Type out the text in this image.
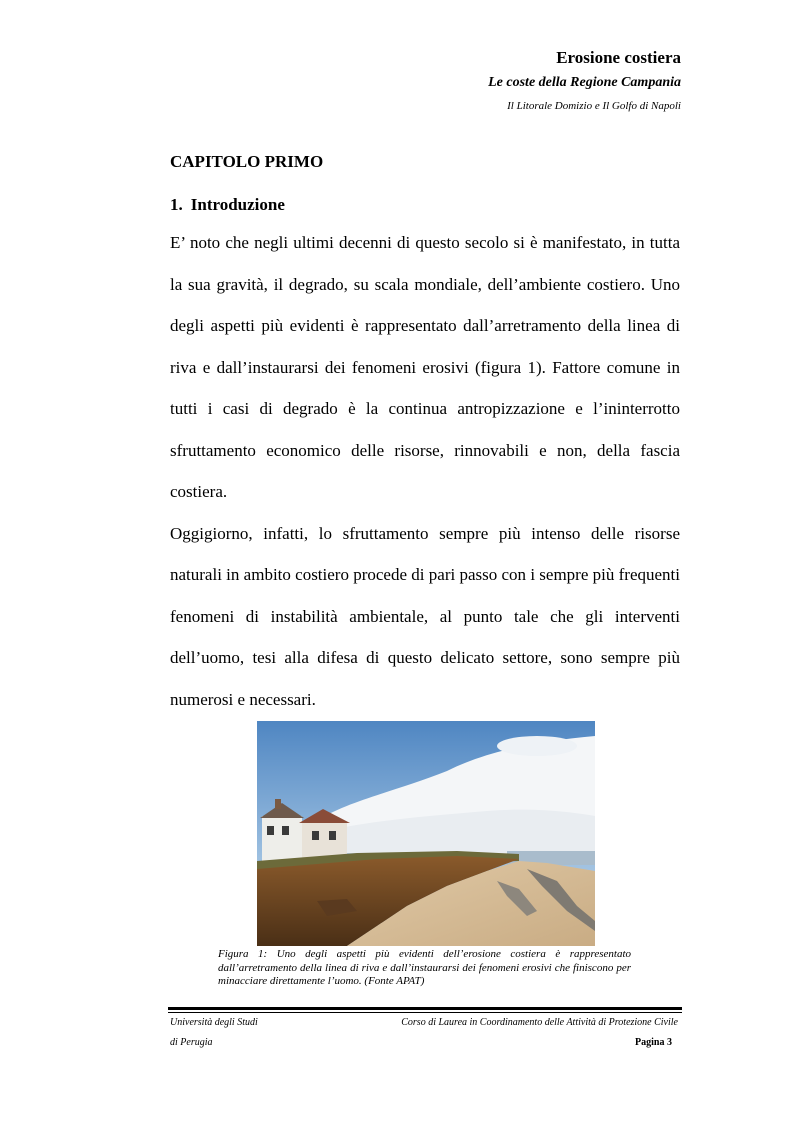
Erosione costiera
Le coste della Regione Campania
Il Litorale Domizio e Il Golfo di Napoli
CAPITOLO PRIMO
1. Introduzione

E’ noto che negli ultimi decenni di questo secolo si è manifestato, in tutta la sua gravità, il degrado, su scala mondiale, dell’ambiente costiero. Uno degli aspetti più evidenti è rappresentato dall’arretramento della linea di riva e dall’instaurarsi dei fenomeni erosivi (figura 1). Fattore comune in tutti i casi di degrado è la continua antropizzazione e l’ininterrotto sfruttamento economico delle risorse, rinnovabili e non, della fascia costiera.

Oggigiorno, infatti, lo sfruttamento sempre più intenso delle risorse naturali in ambito costiero procede di pari passo con i sempre più frequenti fenomeni di instabilità ambientale, al punto tale che gli interventi dell’uomo, tesi alla difesa di questo delicato settore, sono sempre più numerosi e necessari.

Figura 1: Uno degli aspetti più evidenti dell’erosione costiera è rappresentato dall’arretramento della linea di riva e dall’instaurarsi dei fenomeni erosivi che finiscono per minacciare direttamente l’uomo. (Fonte APAT)
Università degli Studi	Corso di Laurea in Coordinamento delle Attività di Protezione Civile
di Perugia	Pagina 3
